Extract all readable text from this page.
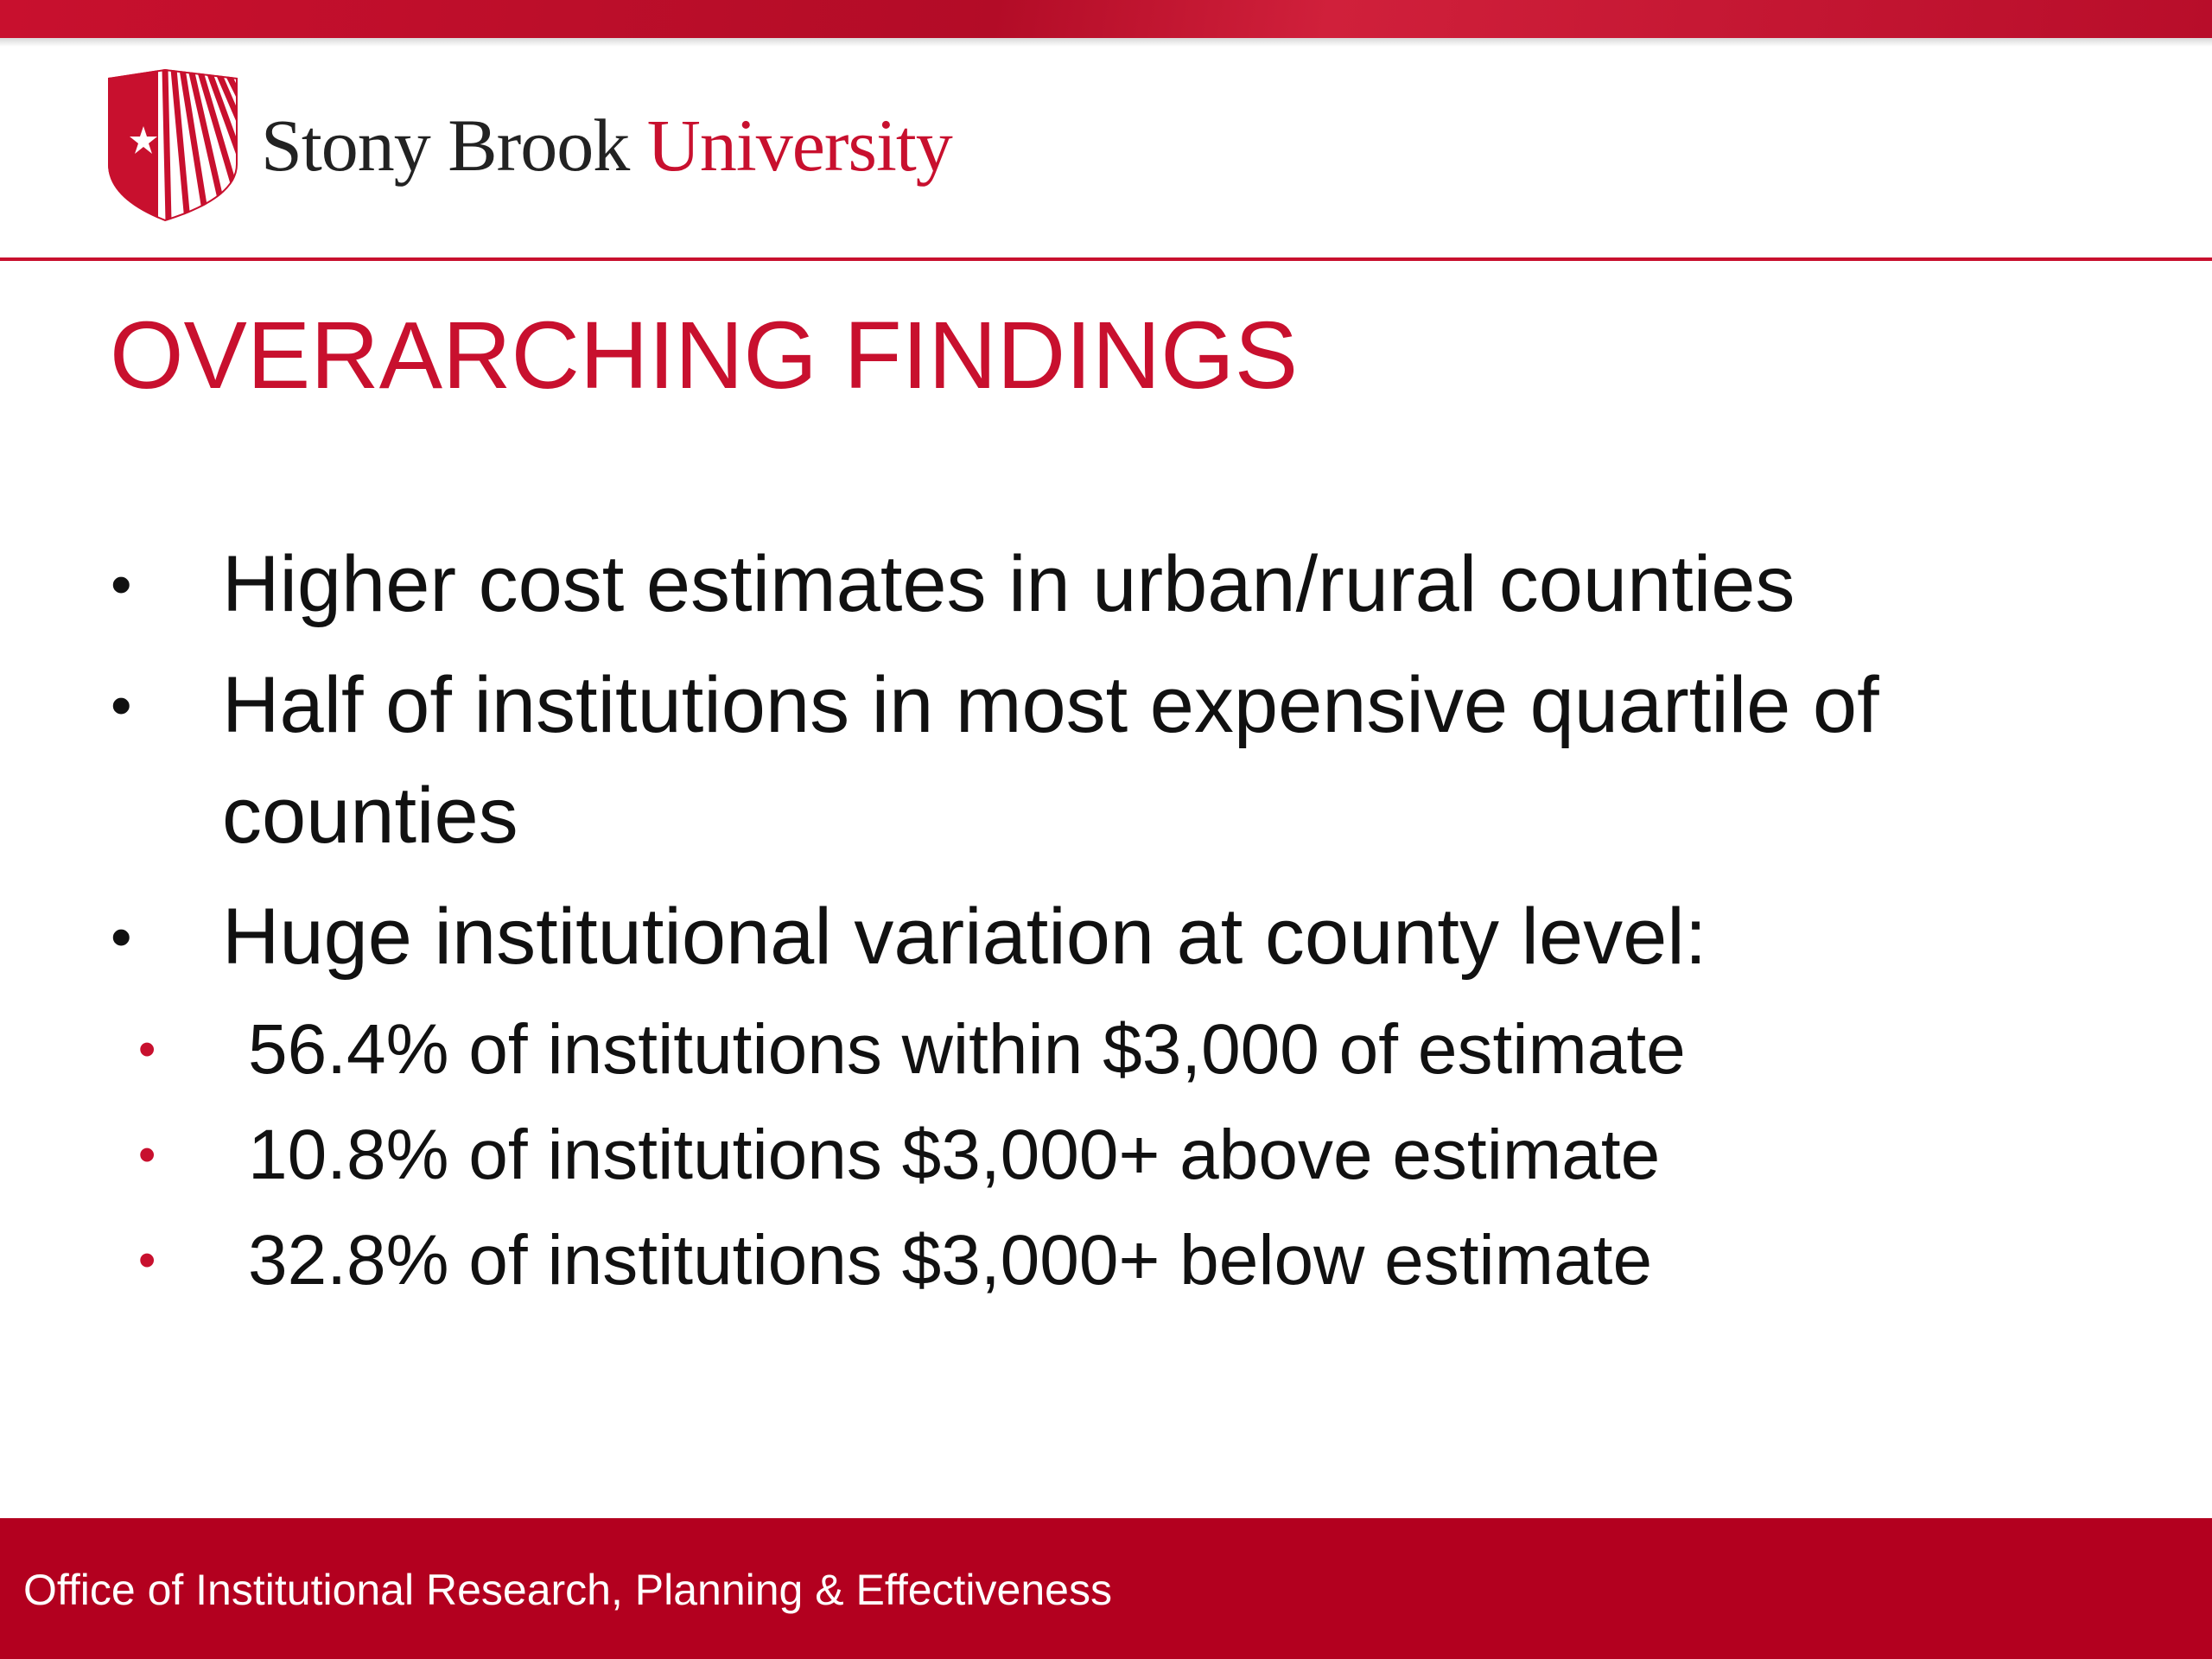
Stony Brook University
OVERARCHING FINDINGS
• Higher cost estimates in urban/rural counties
• Half of institutions in most expensive quartile of counties
• Huge institutional variation at county level:
• 56.4% of institutions within $3,000 of estimate
• 10.8% of institutions $3,000+ above estimate
• 32.8% of institutions $3,000+ below estimate
Office of Institutional Research, Planning & Effectiveness
